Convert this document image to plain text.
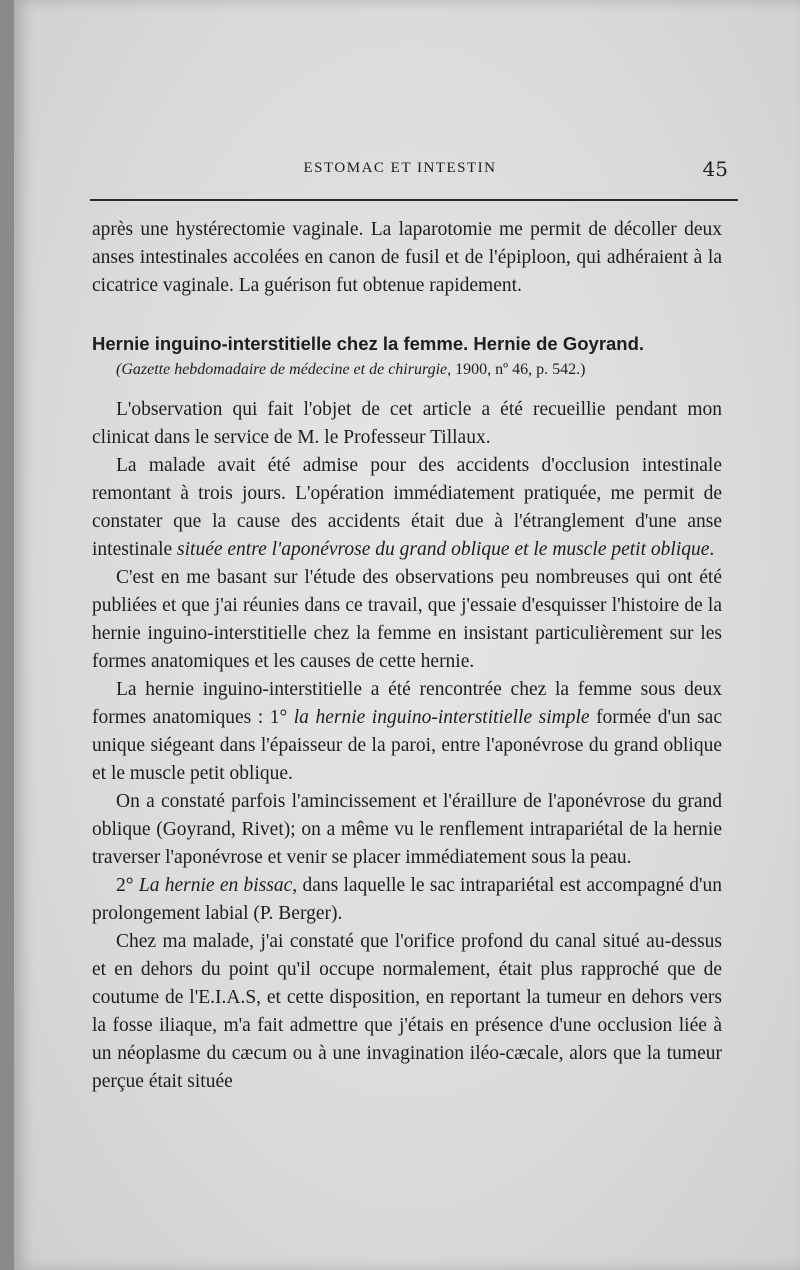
ESTOMAC ET INTESTIN	45

après une hystérectomie vaginale. La laparotomie me permit de décoller deux anses intestinales accolées en canon de fusil et de l'épiploon, qui adhéraient à la cicatrice vaginale. La guérison fut obtenue rapidement.

Hernie inguino-interstitielle chez la femme. Hernie de Goyrand.

(Gazette hebdomadaire de médecine et de chirurgie, 1900, nº 46, p. 542.)

L'observation qui fait l'objet de cet article a été recueillie pendant mon clinicat dans le service de M. le Professeur Tillaux.

La malade avait été admise pour des accidents d'occlusion intestinale remontant à trois jours. L'opération immédiatement pratiquée, me permit de constater que la cause des accidents était due à l'étranglement d'une anse intestinale située entre l'aponévrose du grand oblique et le muscle petit oblique.

C'est en me basant sur l'étude des observations peu nombreuses qui ont été publiées et que j'ai réunies dans ce travail, que j'essaie d'esquisser l'histoire de la hernie inguino-interstitielle chez la femme en insistant particulièrement sur les formes anatomiques et les causes de cette hernie.

La hernie inguino-interstitielle a été rencontrée chez la femme sous deux formes anatomiques : 1° la hernie inguino-interstitielle simple formée d'un sac unique siégeant dans l'épaisseur de la paroi, entre l'aponévrose du grand oblique et le muscle petit oblique.

On a constaté parfois l'amincissement et l'éraillure de l'aponévrose du grand oblique (Goyrand, Rivet); on a même vu le renflement intrapariétal de la hernie traverser l'aponévrose et venir se placer immédiatement sous la peau.

2° La hernie en bissac, dans laquelle le sac intrapariétal est accompagné d'un prolongement labial (P. Berger).

Chez ma malade, j'ai constaté que l'orifice profond du canal situé au-dessus et en dehors du point qu'il occupe normalement, était plus rapproché que de coutume de l'E.I.A.S, et cette disposition, en reportant la tumeur en dehors vers la fosse iliaque, m'a fait admettre que j'étais en présence d'une occlusion liée à un néoplasme du cæcum ou à une invagination iléo-cæcale, alors que la tumeur perçue était située
